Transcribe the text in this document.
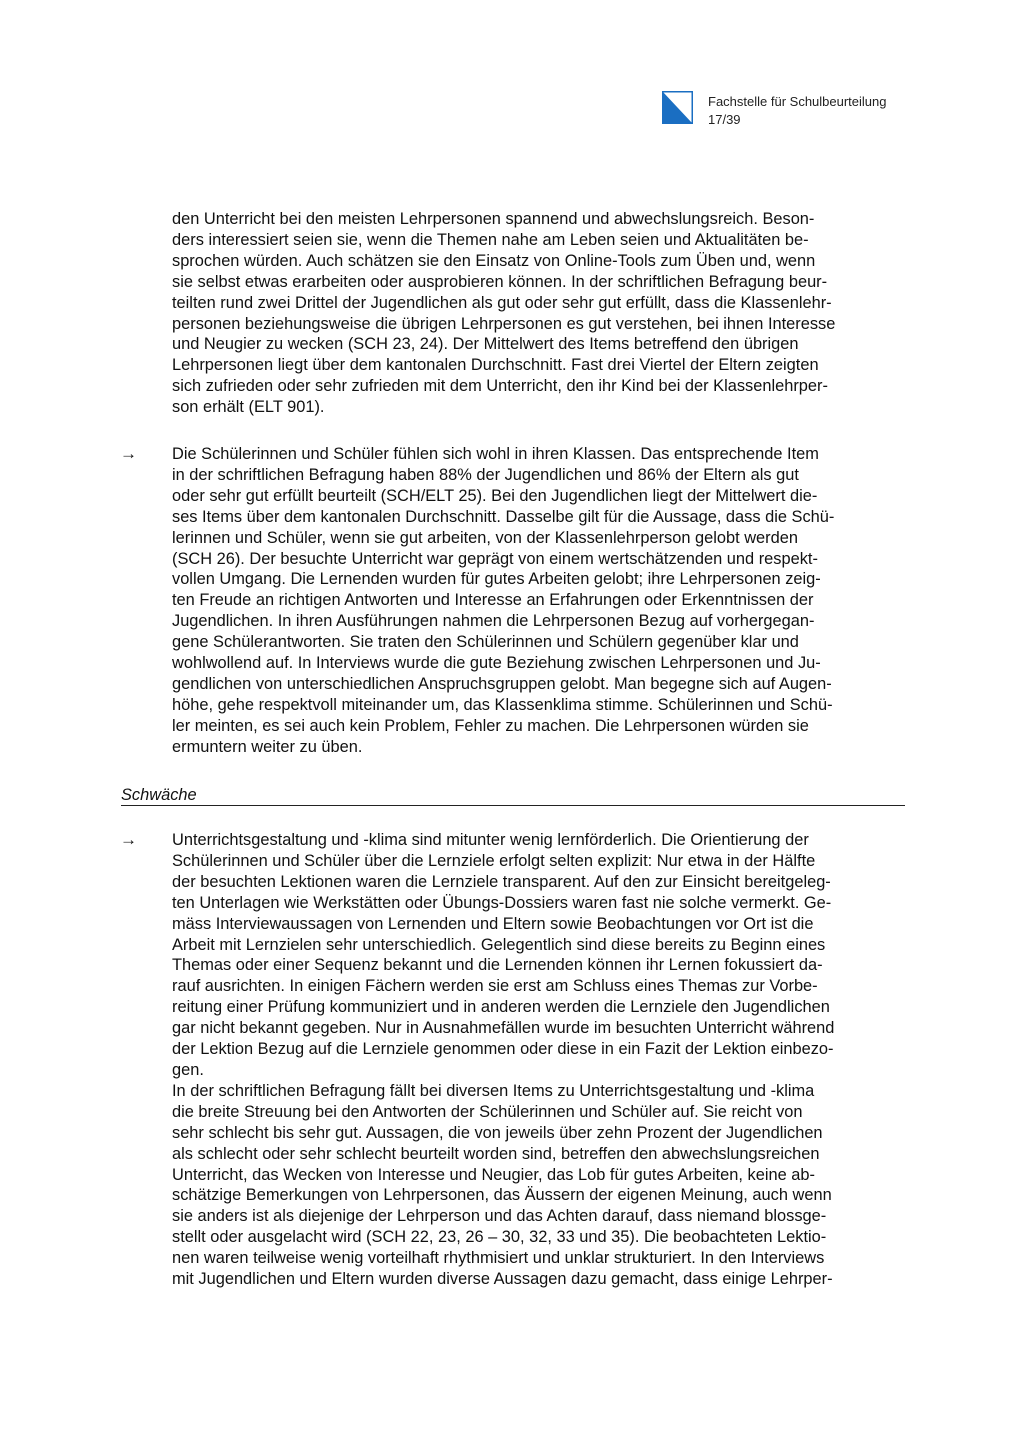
Fachstelle für Schulbeurteilung
17/39
den Unterricht bei den meisten Lehrpersonen spannend und abwechslungsreich. Beson-
ders interessiert seien sie, wenn die Themen nahe am Leben seien und Aktualitäten be-
sprochen würden. Auch schätzen sie den Einsatz von Online-Tools zum Üben und, wenn
sie selbst etwas erarbeiten oder ausprobieren können. In der schriftlichen Befragung beur-
teilten rund zwei Drittel der Jugendlichen als gut oder sehr gut erfüllt, dass die Klassenlehr-
personen beziehungsweise die übrigen Lehrpersonen es gut verstehen, bei ihnen Interesse
und Neugier zu wecken (SCH 23, 24). Der Mittelwert des Items betreffend den übrigen
Lehrpersonen liegt über dem kantonalen Durchschnitt. Fast drei Viertel der Eltern zeigten
sich zufrieden oder sehr zufrieden mit dem Unterricht, den ihr Kind bei der Klassenlehrper-
son erhält (ELT 901).
→ Die Schülerinnen und Schüler fühlen sich wohl in ihren Klassen. Das entsprechende Item
in der schriftlichen Befragung haben 88% der Jugendlichen und 86% der Eltern als gut
oder sehr gut erfüllt beurteilt (SCH/ELT 25). Bei den Jugendlichen liegt der Mittelwert die-
ses Items über dem kantonalen Durchschnitt. Dasselbe gilt für die Aussage, dass die Schü-
lerinnen und Schüler, wenn sie gut arbeiten, von der Klassenlehrperson gelobt werden
(SCH 26). Der besuchte Unterricht war geprägt von einem wertschätzenden und respekt-
vollen Umgang. Die Lernenden wurden für gutes Arbeiten gelobt; ihre Lehrpersonen zeig-
ten Freude an richtigen Antworten und Interesse an Erfahrungen oder Erkenntnissen der
Jugendlichen. In ihren Ausführungen nahmen die Lehrpersonen Bezug auf vorhergegan-
gene Schülerantworten. Sie traten den Schülerinnen und Schülern gegenüber klar und
wohlwollend auf. In Interviews wurde die gute Beziehung zwischen Lehrpersonen und Ju-
gendlichen von unterschiedlichen Anspruchsgruppen gelobt. Man begegne sich auf Augen-
höhe, gehe respektvoll miteinander um, das Klassenklima stimme. Schülerinnen und Schü-
ler meinten, es sei auch kein Problem, Fehler zu machen. Die Lehrpersonen würden sie
ermuntern weiter zu üben.
Schwäche
→ Unterrichtsgestaltung und -klima sind mitunter wenig lernförderlich. Die Orientierung der
Schülerinnen und Schüler über die Lernziele erfolgt selten explizit: Nur etwa in der Hälfte
der besuchten Lektionen waren die Lernziele transparent. Auf den zur Einsicht bereitgeleg-
ten Unterlagen wie Werkstätten oder Übungs-Dossiers waren fast nie solche vermerkt. Ge-
mäss Interviewaussagen von Lernenden und Eltern sowie Beobachtungen vor Ort ist die
Arbeit mit Lernzielen sehr unterschiedlich. Gelegentlich sind diese bereits zu Beginn eines
Themas oder einer Sequenz bekannt und die Lernenden können ihr Lernen fokussiert da-
rauf ausrichten. In einigen Fächern werden sie erst am Schluss eines Themas zur Vorbe-
reitung einer Prüfung kommuniziert und in anderen werden die Lernziele den Jugendlichen
gar nicht bekannt gegeben. Nur in Ausnahmefällen wurde im besuchten Unterricht während
der Lektion Bezug auf die Lernziele genommen oder diese in ein Fazit der Lektion einbezo-
gen.
In der schriftlichen Befragung fällt bei diversen Items zu Unterrichtsgestaltung und -klima
die breite Streuung bei den Antworten der Schülerinnen und Schüler auf. Sie reicht von
sehr schlecht bis sehr gut. Aussagen, die von jeweils über zehn Prozent der Jugendlichen
als schlecht oder sehr schlecht beurteilt worden sind, betreffen den abwechslungsreichen
Unterricht, das Wecken von Interesse und Neugier, das Lob für gutes Arbeiten, keine ab-
schätzige Bemerkungen von Lehrpersonen, das Äussern der eigenen Meinung, auch wenn
sie anders ist als diejenige der Lehrperson und das Achten darauf, dass niemand blossge-
stellt oder ausgelacht wird (SCH 22, 23, 26 – 30, 32, 33 und 35). Die beobachteten Lektio-
nen waren teilweise wenig vorteilhaft rhythmisiert und unklar strukturiert. In den Interviews
mit Jugendlichen und Eltern wurden diverse Aussagen dazu gemacht, dass einige Lehrper-
